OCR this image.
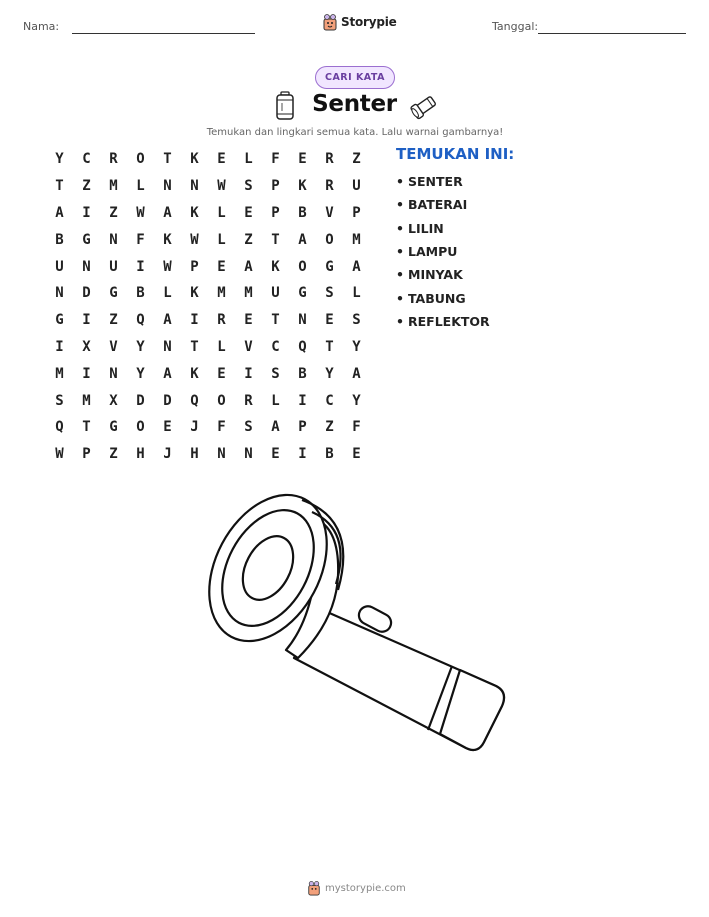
Nama:	Storypie	Tanggal:
CARI KATA
Senter
Temukan dan lingkari semua kata. Lalu warnai gambarnya!
Y	C	R	O	T	K	E	L	F	E	R	Z
T	Z	M	L	N	N	W	S	P	K	R	U
A	I	Z	W	A	K	L	E	P	B	V	P
B	G	N	F	K	W	L	Z	T	A	O	M
U	N	U	I	W	P	E	A	K	O	G	A
N	D	G	B	L	K	M	M	U	G	S	L
G	I	Z	Q	A	I	R	E	T	N	E	S
I	X	V	Y	N	T	L	V	C	Q	T	Y
M	I	N	Y	A	K	E	I	S	B	Y	A
S	M	X	D	D	Q	O	R	L	I	C	Y
Q	T	G	O	E	J	F	S	A	P	Z	F
W	P	Z	H	J	H	N	N	E	I	B	E
TEMUKAN INI:
• SENTER
• BATERAI
• LILIN
• LAMPU
• MINYAK
• TABUNG
• REFLEKTOR
mystorypie.com
